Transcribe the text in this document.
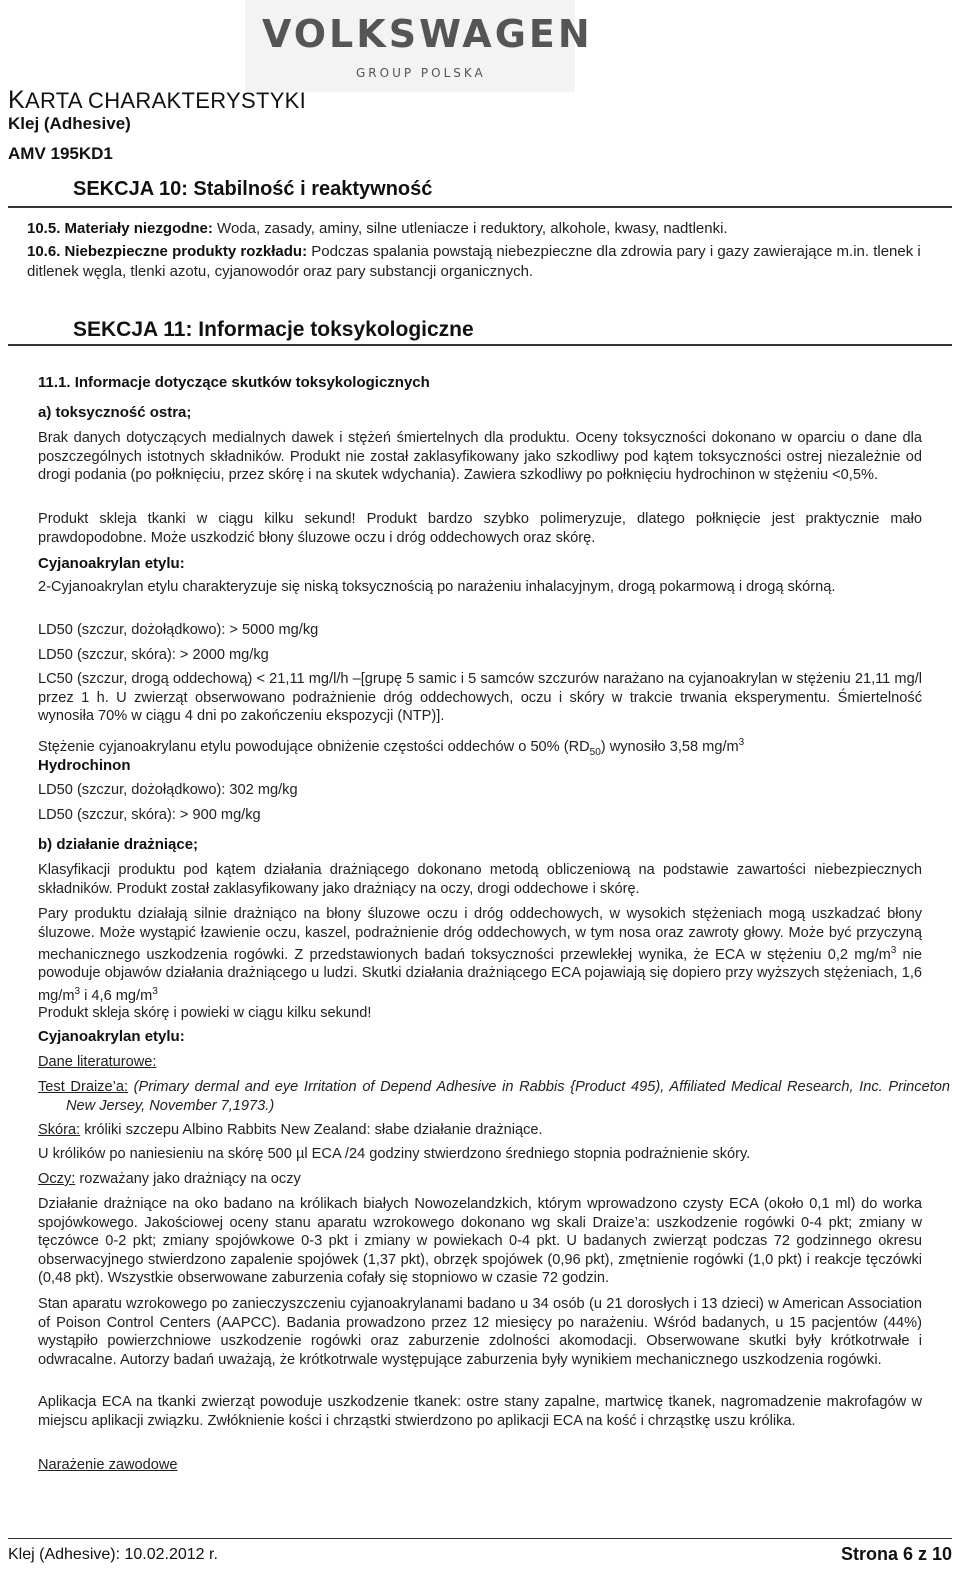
VOLKSWAGEN
GROUP POLSKA
KARTA CHARAKTERYSTYKI
Klej (Adhesive)
AMV 195KD1
SEKCJA 10: Stabilność i reaktywność
10.5. Materiały niezgodne: Woda, zasady, aminy, silne utleniacze i reduktory, alkohole, kwasy, nadtlenki.
10.6. Niebezpieczne produkty rozkładu: Podczas spalania powstają niebezpieczne dla zdrowia pary i gazy zawierające m.in. tlenek i ditlenek węgla, tlenki azotu, cyjanowodór oraz pary substancji organicznych.
SEKCJA 11: Informacje toksykologiczne
11.1. Informacje dotyczące skutków toksykologicznych
a) toksyczność ostra;
Brak danych dotyczących medialnych dawek i stężeń śmiertelnych dla produktu. Oceny toksyczności dokonano w oparciu o dane dla poszczególnych istotnych składników. Produkt nie został zaklasyfikowany jako szkodliwy pod kątem toksyczności ostrej niezależnie od drogi podania (po połknięciu, przez skórę i na skutek wdychania). Zawiera szkodliwy po połknięciu hydrochinon w stężeniu <0,5%.
Produkt skleja tkanki w ciągu kilku sekund! Produkt bardzo szybko polimeryzuje, dlatego połknięcie jest praktycznie mało prawdopodobne. Może uszkodzić błony śluzowe oczu i dróg oddechowych oraz skórę.
Cyjanoakrylan etylu:
2-Cyjanoakrylan etylu charakteryzuje się niską toksycznością po narażeniu inhalacyjnym, drogą pokarmową i drogą skórną.
LD50 (szczur, dożołądkowo): > 5000 mg/kg
LD50 (szczur, skóra): > 2000 mg/kg
LC50 (szczur, drogą oddechową) < 21,11 mg/l/h –[grupę 5 samic i 5 samców szczurów narażano na cyjanoakrylan w stężeniu 21,11 mg/l przez 1 h. U zwierząt obserwowano podrażnienie dróg oddechowych, oczu i skóry w trakcie trwania eksperymentu. Śmiertelność wynosiła 70% w ciągu 4 dni po zakończeniu ekspozycji (NTP)].
Stężenie cyjanoakrylanu etylu powodujące obniżenie częstości oddechów o 50% $(RD_{50})$ wynosiło 3,58 $mg/m^3$
Hydrochinon
LD50 (szczur, dożołądkowo): 302 mg/kg
LD50 (szczur, skóra): > 900 mg/kg
b) działanie drażniące;
Klasyfikacji produktu pod kątem działania drażniącego dokonano metodą obliczeniową na podstawie zawartości niebezpiecznych składników. Produkt został zaklasyfikowany jako drażniący na oczy, drogi oddechowe i skórę.
Pary produktu działają silnie drażniąco na błony śluzowe oczu i dróg oddechowych, w wysokich stężeniach mogą uszkadzać błony śluzowe. Może wystąpić łzawienie oczu, kaszel, podrażnienie dróg oddechowych, w tym nosa oraz zawroty głowy. Może być przyczyną mechanicznego uszkodzenia rogówki. Z przedstawionych badań toksyczności przewlekłej wynika, że ECA w stężeniu 0,2 $mg/m^3$ nie powoduje objawów działania drażniącego u ludzi. Skutki działania drażniącego ECA pojawiają się dopiero przy wyższych stężeniach, 1,6 $mg/m^3$ i 4,6 $mg/m^3$
Produkt skleja skórę i powieki w ciągu kilku sekund!
Cyjanoakrylan etylu:
Dane literaturowe:
Test Draize’a: (Primary dermal and eye Irritation of Depend Adhesive in Rabbis {Product 495), Affiliated Medical Research, Inc. Princeton New Jersey, November 7,1973.)
Skóra: króliki szczepu Albino Rabbits New Zealand: słabe działanie drażniące.
U królików po naniesieniu na skórę 500 µl ECA /24 godziny stwierdzono średniego stopnia podrażnienie skóry.
Oczy: rozważany jako drażniący na oczy
Działanie drażniące na oko badano na królikach białych Nowozelandzkich, którym wprowadzono czysty ECA (około 0,1 ml) do worka spojówkowego. Jakościowej oceny stanu aparatu wzrokowego dokonano wg skali Draize’a: uszkodzenie rogówki 0-4 pkt; zmiany w tęczówce 0-2 pkt; zmiany spojówkowe 0-3 pkt i zmiany w powiekach 0-4 pkt. U badanych zwierząt podczas 72 godzinnego okresu obserwacyjnego stwierdzono zapalenie spojówek (1,37 pkt), obrzęk spojówek (0,96 pkt), zmętnienie rogówki (1,0 pkt) i reakcje tęczówki (0,48 pkt). Wszystkie obserwowane zaburzenia cofały się stopniowo w czasie 72 godzin.
Stan aparatu wzrokowego po zanieczyszczeniu cyjanoakrylanami badano u 34 osób (u 21 dorosłych i 13 dzieci) w American Association of Poison Control Centers (AAPCC). Badania prowadzono przez 12 miesięcy po narażeniu. Wśród badanych, u 15 pacjentów (44%) wystąpiło powierzchniowe uszkodzenie rogówki oraz zaburzenie zdolności akomodacji. Obserwowane skutki były krótkotrwałe i odwracalne. Autorzy badań uważają, że krótkotrwale występujące zaburzenia były wynikiem mechanicznego uszkodzenia rogówki.
Aplikacja ECA na tkanki zwierząt powoduje uszkodzenie tkanek: ostre stany zapalne, martwicę tkanek, nagromadzenie makrofagów w miejscu aplikacji związku. Zwłóknienie kości i chrząstki stwierdzono po aplikacji ECA na kość i chrząstkę uszu królika.
Narażenie zawodowe
Klej (Adhesive): 10.02.2012 r.	Strona 6 z 10
